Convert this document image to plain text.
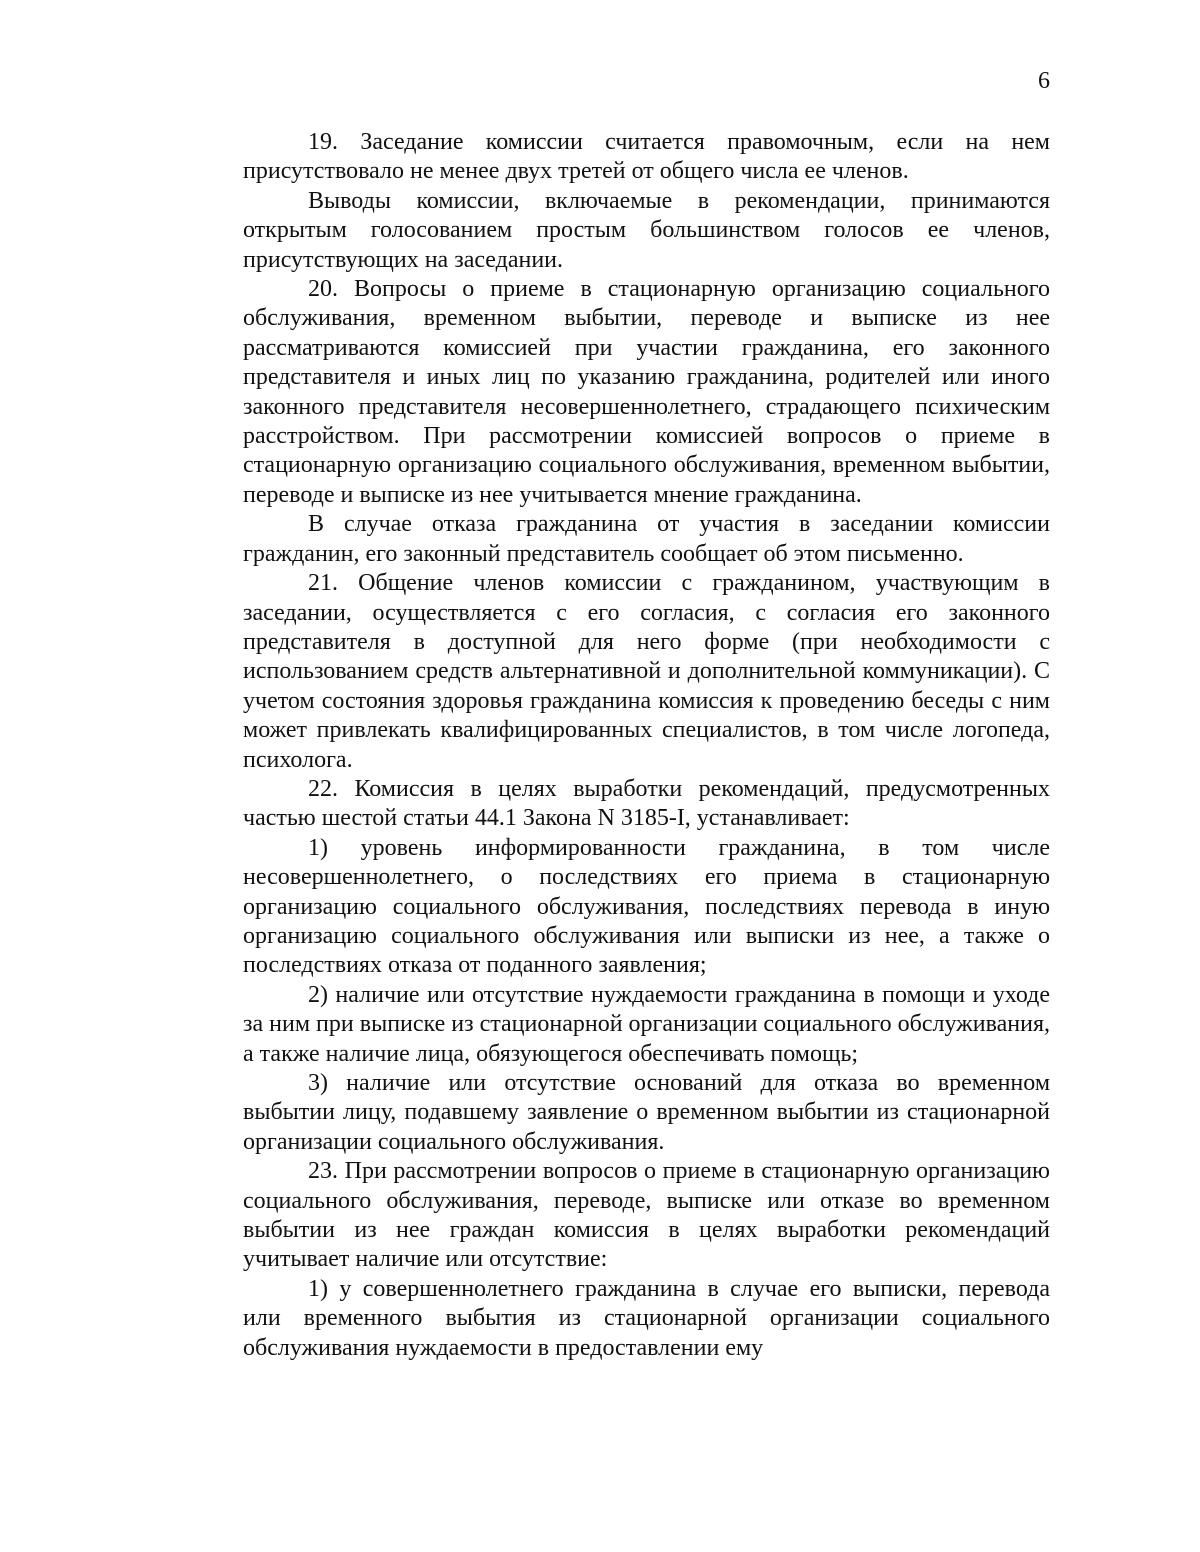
6

19. Заседание комиссии считается правомочным, если на нем присутствовало не менее двух третей от общего числа ее членов.

Выводы комиссии, включаемые в рекомендации, принимаются открытым голосованием простым большинством голосов ее членов, присутствующих на заседании.

20. Вопросы о приеме в стационарную организацию социального обслуживания, временном выбытии, переводе и выписке из нее рассматриваются комиссией при участии гражданина, его законного представителя и иных лиц по указанию гражданина, родителей или иного законного представителя несовершеннолетнего, страдающего психическим расстройством. При рассмотрении комиссией вопросов о приеме в стационарную организацию социального обслуживания, временном выбытии, переводе и выписке из нее учитывается мнение гражданина.

В случае отказа гражданина от участия в заседании комиссии гражданин, его законный представитель сообщает об этом письменно.

21. Общение членов комиссии с гражданином, участвующим в заседании, осуществляется с его согласия, с согласия его законного представителя в доступной для него форме (при необходимости с использованием средств альтернативной и дополнительной коммуникации). С учетом состояния здоровья гражданина комиссия к проведению беседы с ним может привлекать квалифицированных специалистов, в том числе логопеда, психолога.

22. Комиссия в целях выработки рекомендаций, предусмотренных частью шестой статьи 44.1 Закона N 3185-I, устанавливает:

1) уровень информированности гражданина, в том числе несовершеннолетнего, о последствиях его приема в стационарную организацию социального обслуживания, последствиях перевода в иную организацию социального обслуживания или выписки из нее, а также о последствиях отказа от поданного заявления;

2) наличие или отсутствие нуждаемости гражданина в помощи и уходе за ним при выписке из стационарной организации социального обслуживания, а также наличие лица, обязующегося обеспечивать помощь;

3) наличие или отсутствие оснований для отказа во временном выбытии лицу, подавшему заявление о временном выбытии из стационарной организации социального обслуживания.

23. При рассмотрении вопросов о приеме в стационарную организацию социального обслуживания, переводе, выписке или отказе во временном выбытии из нее граждан комиссия в целях выработки рекомендаций учитывает наличие или отсутствие:

1) у совершеннолетнего гражданина в случае его выписки, перевода или временного выбытия из стационарной организации социального обслуживания нуждаемости в предоставлении ему
